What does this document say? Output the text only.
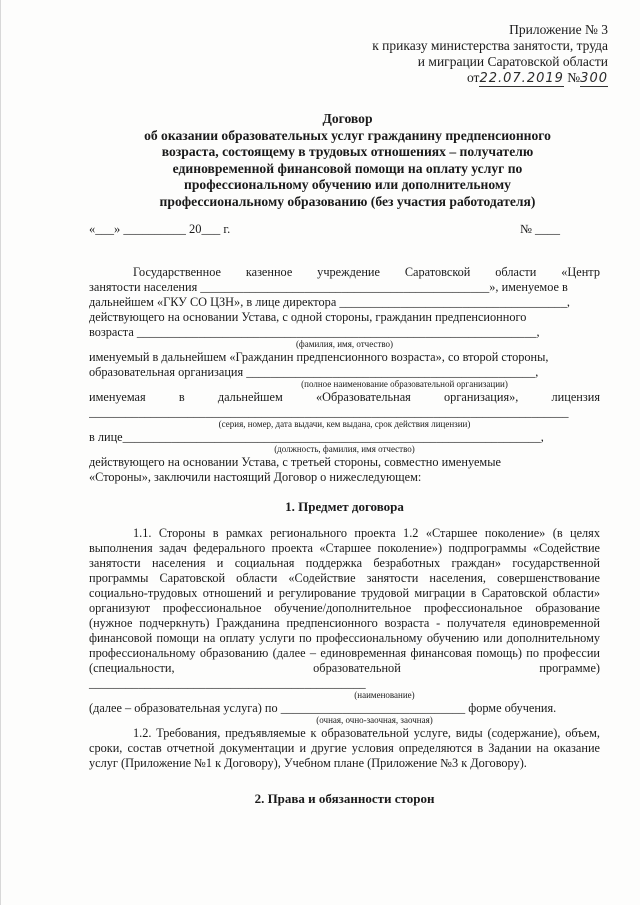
Приложение № 3
к приказу министерства занятости, труда
и миграции Саратовской области
от22.07.2019 №300
Договор
об оказании образовательных услуг гражданину предпенсионного
возраста, состоящему в трудовых отношениях – получателю
единовременной финансовой помощи на оплату услуг по
профессиональному обучению или дополнительному
профессиональному образованию (без участия работодателя)
«___» __________ 20___ г.	№ ____
Государственное казенное учреждение Саратовской области «Центр
занятости населения _______________________________________________», именуемое в
дальнейшем «ГКУ СО ЦЗН», в лице директора _____________________________________,
действующего на основании Устава, с одной стороны, гражданин предпенсионного
возраста _________________________________________________________________,
(фамилия, имя, отчество)
именуемый в дальнейшем «Гражданин предпенсионного возраста», со второй стороны,
образовательная организация _______________________________________________,
(полное наименование образовательной организации)
именуемая	в	дальнейшем	«Образовательная	организация»,	лицензия
______________________________________________________________________________
(серия, номер, дата выдачи, кем выдана, срок действия лицензии)
в лице____________________________________________________________________,
(должность, фамилия, имя отчество)
действующего на основании Устава, с третьей стороны, совместно именуемые
«Стороны», заключили настоящий Договор о нижеследующем:
1. Предмет договора

1.1. Стороны в рамках регионального проекта 1.2 «Старшее поколение» (в целях выполнения задач федерального проекта «Старшее поколение») подпрограммы «Содействие занятости населения и социальная поддержка безработных граждан» государственной программы Саратовской области «Содействие занятости населения, совершенствование социально-трудовых отношений и регулирование трудовой миграции в Саратовской области» организуют профессиональное обучение/дополнительное профессиональное образование (нужное подчеркнуть) Гражданина предпенсионного возраста - получателя единовременной финансовой помощи на оплату услуги по профессиональному обучению или дополнительному профессиональному образованию (далее – единовременная финансовая помощь) по профессии (специальности, образовательной программе) _____________________________________________

(наименование)
(далее – образовательная услуга) по ______________________________ форме обучения.
(очная, очно-заочная, заочная)

1.2. Требования, предъявляемые к образовательной услуге, виды (содержание), объем, сроки, состав отчетной документации и другие условия определяются в Задании на оказание услуг (Приложение №1 к Договору), Учебном плане (Приложение №3 к Договору).

2. Права и обязанности сторон
